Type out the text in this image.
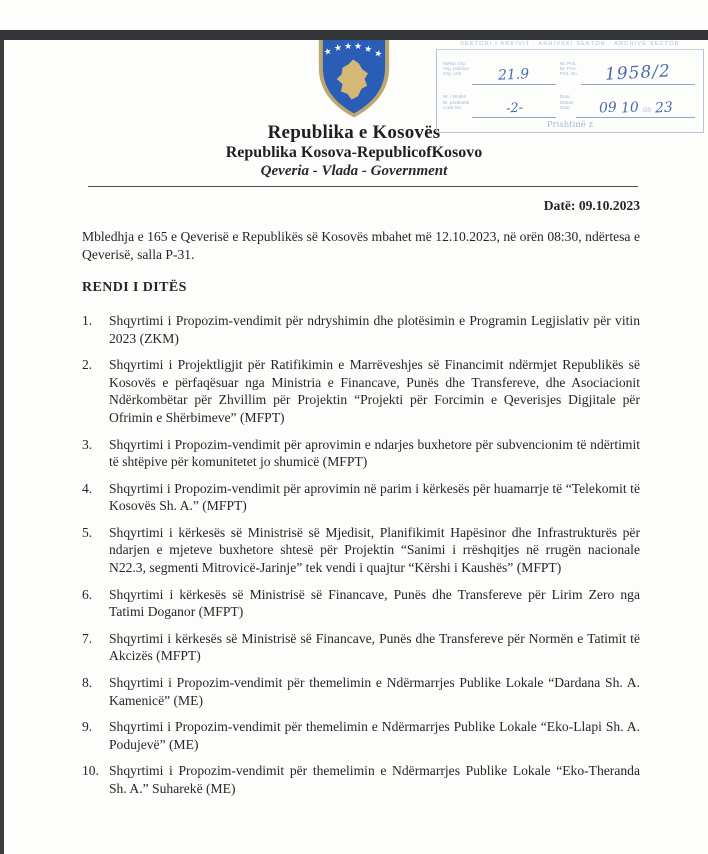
SEKTORI I ARKIVIT · ARHIVSKI SEKTOR · ARCHIVE SECTOR
Njësia Org.
Org. jedinica
Org. Unit	21.9
Nr. Prot.
Br. Prot.
Prot. No. 1958/2
Nr. i lëndës
Br. predmeta
Case No.	-2-
Data
Datum
Date 09 10 /20 23
Prishtinë z
★ ★ ★ ★ ★ ★
Republika e Kosovës
Republika Kosova-RepublicofKosovo
Qeveria - Vlada - Government
Datë: 09.10.2023

Mbledhja e 165 e Qeverisë e Republikës së Kosovës mbahet më 12.10.2023, në orën 08:30, ndërtesa e Qeverisë, salla P-31.

RENDI I DITËS
1.	Shqyrtimi i Propozim-vendimit për ndryshimin dhe plotësimin e Programin Legjislativ për vitin 2023 (ZKM)
2.	Shqyrtimi i Projektligjit për Ratifikimin e Marrëveshjes së Financimit ndërmjet Republikës së Kosovës e përfaqësuar nga Ministria e Financave, Punës dhe Transfereve, dhe Asociacionit Ndërkombëtar për Zhvillim për Projektin “Projekti për Forcimin e Qeverisjes Digjitale për Ofrimin e Shërbimeve” (MFPT)
3.	Shqyrtimi i Propozim-vendimit për aprovimin e ndarjes buxhetore për subvencionim të ndërtimit të shtëpive për komunitetet jo shumicë (MFPT)
4.	Shqyrtimi i Propozim-vendimit për aprovimin në parim i kërkesës për huamarrje të “Telekomit të Kosovës Sh. A.” (MFPT)
5.	Shqyrtimi i kërkesës së Ministrisë së Mjedisit, Planifikimit Hapësinor dhe Infrastrukturës për ndarjen e mjeteve buxhetore shtesë për Projektin “Sanimi i rrëshqitjes në rrugën nacionale N22.3, segmenti Mitrovicë-Jarinje” tek vendi i quajtur “Kërshi i Kaushës” (MFPT)
6.	Shqyrtimi i kërkesës së Ministrisë së Financave, Punës dhe Transfereve për Lirim Zero nga Tatimi Doganor (MFPT)
7.	Shqyrtimi i kërkesës së Ministrisë së Financave, Punës dhe Transfereve për Normën e Tatimit të Akcizës (MFPT)
8.	Shqyrtimi i Propozim-vendimit për themelimin e Ndërmarrjes Publike Lokale “Dardana Sh. A. Kamenicë” (ME)
9.	Shqyrtimi i Propozim-vendimit për themelimin e Ndërmarrjes Publike Lokale “Eko-Llapi Sh. A. Podujevë” (ME)
10. Shqyrtimi i Propozim-vendimit për themelimin e Ndërmarrjes Publike Lokale “Eko-Theranda Sh. A.” Suharekë (ME)
